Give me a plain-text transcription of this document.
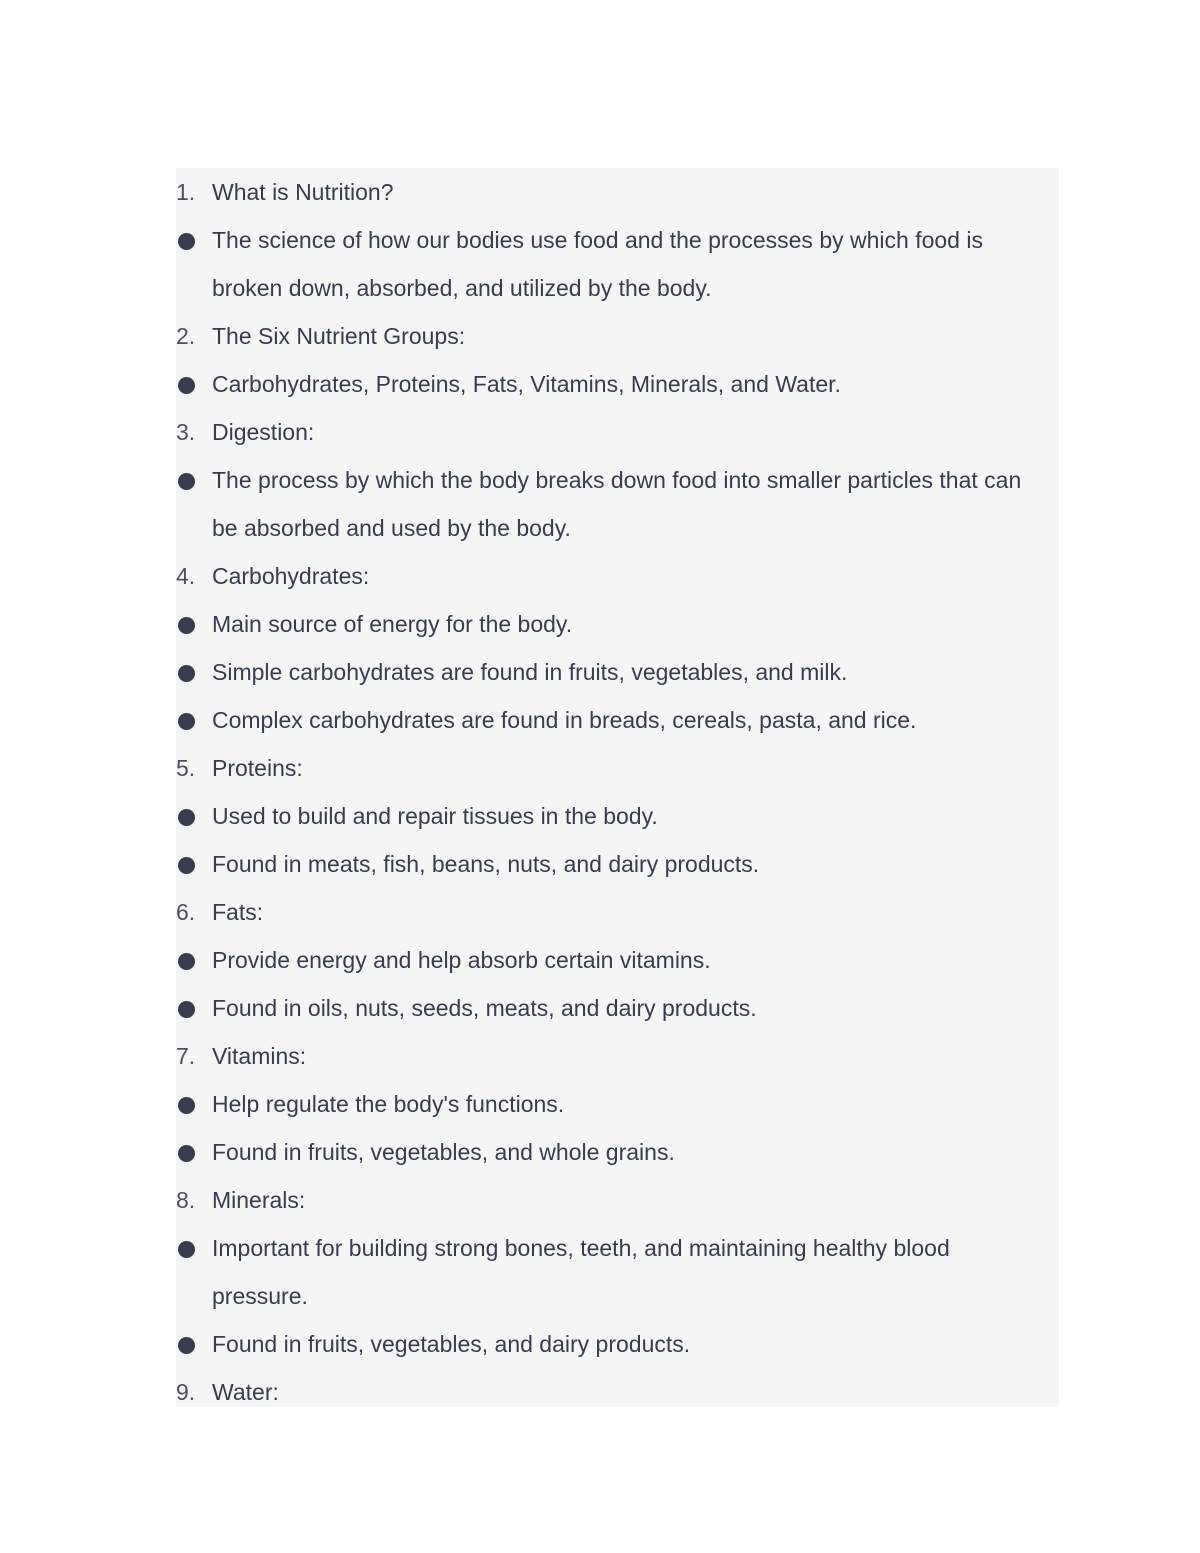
1. What is Nutrition?
The science of how our bodies use food and the processes by which food is broken down, absorbed, and utilized by the body.
2. The Six Nutrient Groups:
Carbohydrates, Proteins, Fats, Vitamins, Minerals, and Water.
3. Digestion:
The process by which the body breaks down food into smaller particles that can be absorbed and used by the body.
4. Carbohydrates:
Main source of energy for the body.
Simple carbohydrates are found in fruits, vegetables, and milk.
Complex carbohydrates are found in breads, cereals, pasta, and rice.
5. Proteins:
Used to build and repair tissues in the body.
Found in meats, fish, beans, nuts, and dairy products.
6. Fats:
Provide energy and help absorb certain vitamins.
Found in oils, nuts, seeds, meats, and dairy products.
7. Vitamins:
Help regulate the body's functions.
Found in fruits, vegetables, and whole grains.
8. Minerals:
Important for building strong bones, teeth, and maintaining healthy blood pressure.
Found in fruits, vegetables, and dairy products.
9. Water:
